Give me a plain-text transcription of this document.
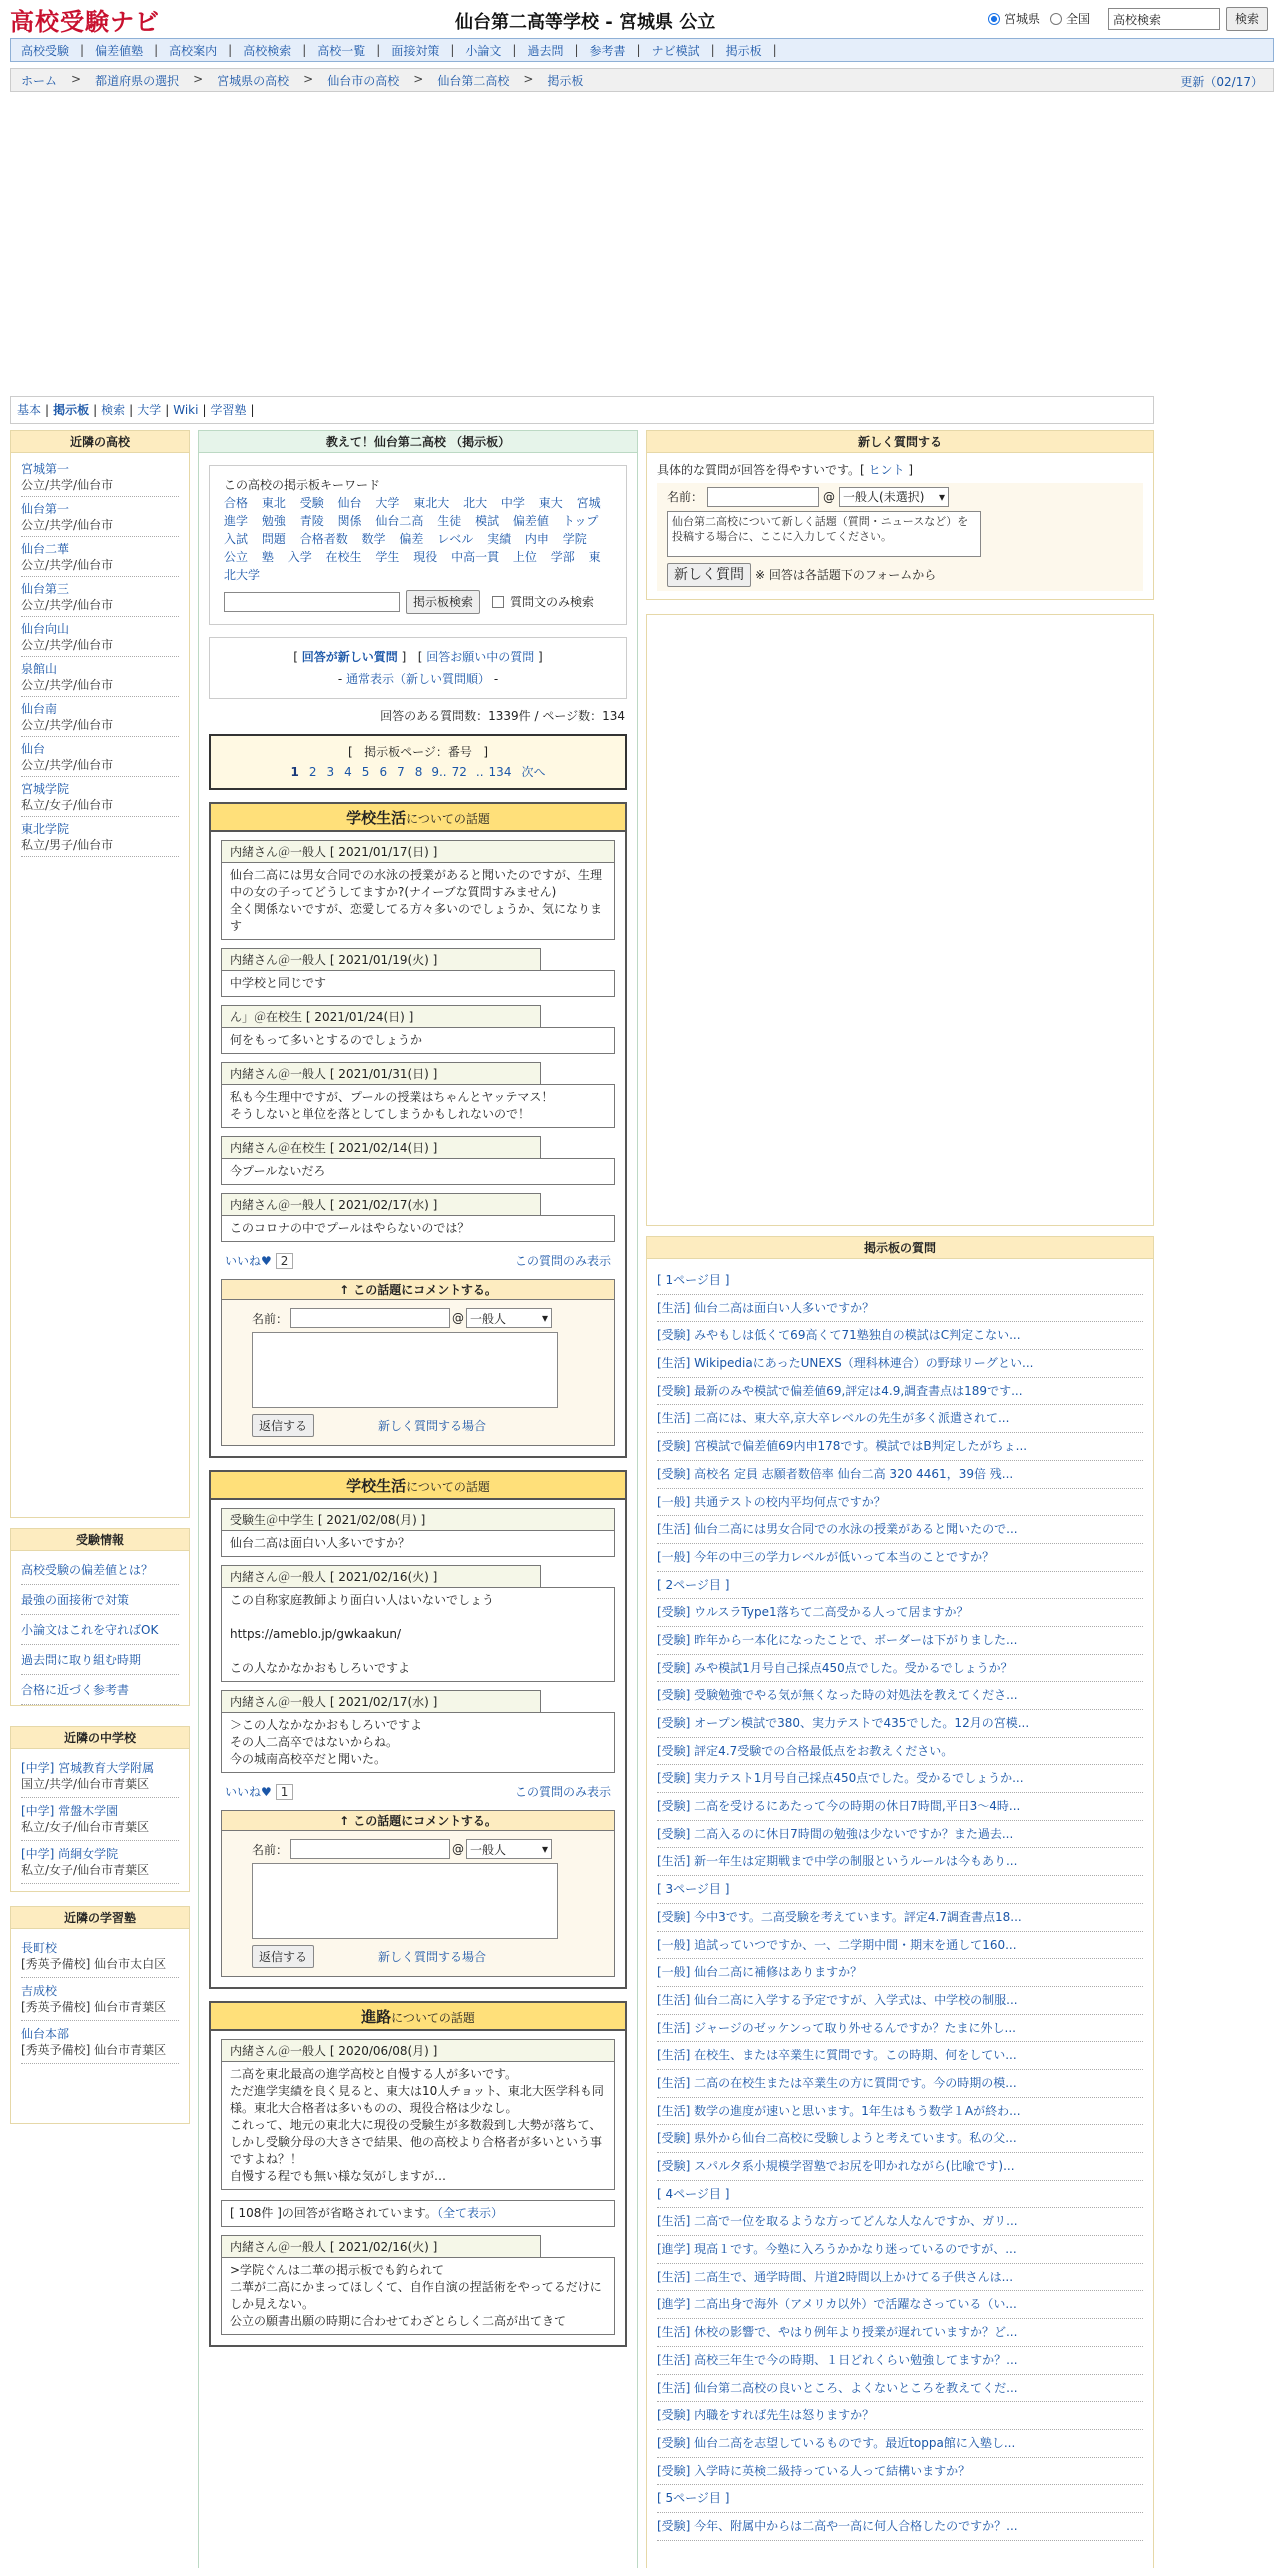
高校受験ナビ	仙台第二高等学校 - 宮城県 公立	宮城県 全国	高校検索	検索
高校受験 | 偏差値塾 | 高校案内 | 高校検索 | 高校一覧 | 面接対策 | 小論文 | 過去問 | 参考書 | ナビ模試 | 掲示板 |
ホーム > 都道府県の選択 > 宮城県の高校 > 仙台市の高校 > 仙台第二高校 > 掲示板	更新（02/17）
基本 | 掲示板 | 検索 | 大学 | Wiki | 学習塾 |
近隣の高校
宮城第一
公立/共学/仙台市
仙台第一
公立/共学/仙台市
仙台二華
公立/共学/仙台市
仙台第三
公立/共学/仙台市
仙台向山
公立/共学/仙台市
泉館山
公立/共学/仙台市
仙台南
公立/共学/仙台市
仙台
公立/共学/仙台市
宮城学院
私立/女子/仙台市
東北学院
私立/男子/仙台市
受験情報
高校受験の偏差値とは？
最強の面接術で対策
小論文はこれを守ればOK
過去問に取り組む時期
合格に近づく参考書
近隣の中学校
[中学] 宮城教育大学附属
国立/共学/仙台市青葉区
[中学] 常盤木学園
私立/女子/仙台市青葉区
[中学] 尚絅女学院
私立/女子/仙台市青葉区
近隣の学習塾
長町校
[秀英予備校] 仙台市太白区
吉成校
[秀英予備校] 仙台市青葉区
仙台本部
[秀英予備校] 仙台市青葉区
教えて！仙台第二高校 （掲示板）
この高校の掲示板キーワード
合格 東北 受験 仙台 大学 東北大 北大 中学 東大 宮城 進学 勉強 青陵 関係 仙台二高 生徒 模試 偏差値 トップ 入試 問題 合格者数 数学 偏差 レベル 実績 内申 学院 公立 塾 入学 在校生 学生 現役 中高一貫 上位 学部 東北大学
掲示板検索	質問文のみ検索
[ 回答が新しい質問 ]   [ 回答お願い中の質問 ]
- 通常表示（新しい質問順） -
回答のある質問数：1339件 / ページ数：134
[   掲示板ページ：番号   ]
1 2 3 4 5 6 7 8 9.. 72 .. 134 次へ
学校生活についての話題
内緒さん＠一般人 [ 2021/01/17(日) ]
仙台二高には男女合同での水泳の授業があると聞いたのですが、生理中の女の子ってどうしてますか?(ナイーブな質問すみません)
全く関係ないですが、恋愛してる方々多いのでしょうか、気になります
内緒さん＠一般人 [ 2021/01/19(火) ]
中学校と同じです
ん」＠在校生 [ 2021/01/24(日) ]
何をもって多いとするのでしょうか
内緒さん＠一般人 [ 2021/01/31(日) ]
私も今生理中ですが、プールの授業はちゃんとヤッテマス！
そうしないと単位を落としてしまうかもしれないので！
内緒さん＠在校生 [ 2021/02/14(日) ]
今プールないだろ
内緒さん＠一般人 [ 2021/02/17(水) ]
このコロナの中でプールはやらないのでは？
いいね♥ 2	この質問のみ表示
↑ この話題にコメントする。
名前：	@ 一般人	▾
返信する	新しく質問する場合
学校生活についての話題
受験生＠中学生 [ 2021/02/08(月) ]
仙台二高は面白い人多いですか？
内緒さん＠一般人 [ 2021/02/16(火) ]
この自称家庭教師より面白い人はいないでしょう

https://ameblo.jp/gwkaakun/

この人なかなかおもしろいですよ
内緒さん＠一般人 [ 2021/02/17(水) ]
＞この人なかなかおもしろいですよ
その人二高卒ではないからね。
今の城南高校卒だと聞いた。
いいね♥ 1	この質問のみ表示
↑ この話題にコメントする。
名前：	@ 一般人	▾
返信する	新しく質問する場合
進路についての話題
内緒さん＠一般人 [ 2020/06/08(月) ]
二高を東北最高の進学高校と自慢する人が多いです。
ただ進学実績を良く見ると、東大は10人チョット、東北大医学科も同様。東北大合格者は多いものの、現役合格は少なし。
これって、地元の東北大に現役の受験生が多数殺到し大勢が落ちて、しかし受験分母の大きさで結果、他の高校より合格者が多いという事ですよね？！
自慢する程でも無い様な気がしますが…
[ 108件 ]の回答が省略されています。（全て表示）
内緒さん＠一般人 [ 2021/02/16(火) ]
>学院ぐんは二華の掲示板でも釣られて
二華が二高にかまってほしくて、自作自演の捏話術をやってるだけにしか見えない。
公立の願書出願の時期に合わせてわざとらしく二高が出てきて
新しく質問する
具体的な質問が回答を得やすいです。[ ヒント ]
名前：	@ 一般人(未選択) ▾
仙台第二高校について新しく話題（質問・ニュースなど）を投稿する場合に、ここに入力してください。
新しく質問 ※ 回答は各話題下のフォームから
掲示板の質問
[ 1ページ目 ]
[生活] 仙台二高は面白い人多いですか？
[受験] みやもしは低くて69高くて71塾独自の模試はC判定こない...
[生活] WikipediaにあったUNEXS（理科林連合）の野球リーグとい...
[受験] 最新のみや模試で偏差値69,評定は4.9,調査書点は189です...
[生活] 二高には、東大卒,京大卒レベルの先生が多く派遣されて...
[受験] 宮模試で偏差値69内申178です。模試ではB判定したがちょ...
[受験] 高校名 定員 志願者数倍率 仙台二高 320 4461，39倍 残...
[一般] 共通テストの校内平均何点ですか？
[生活] 仙台二高には男女合同での水泳の授業があると聞いたので...
[一般] 今年の中三の学力レベルが低いって本当のことですか？
[ 2ページ目 ]
[受験] ウルスラType1落ちて二高受かる人って居ますか？
[受験] 昨年から一本化になったことで、ボーダーは下がりました...
[受験] みや模試1月号自己採点450点でした。受かるでしょうか？
[受験] 受験勉強でやる気が無くなった時の対処法を教えてくださ...
[受験] オープン模試で380、実力テストで435でした。12月の宮模...
[受験] 評定4.7受験での合格最低点をお教えください。
[受験] 実力テスト1月号自己採点450点でした。受かるでしょうか...
[受験] 二高を受けるにあたって今の時期の休日7時間,平日3～4時...
[受験] 二高入るのに休日7時間の勉強は少ないですか？また過去...
[生活] 新一年生は定期戦まで中学の制服というルールは今もあり...
[ 3ページ目 ]
[受験] 今中3です。二高受験を考えています。評定4.7調査書点18...
[一般] 追試っていつですか、一、二学期中間・期末を通して160...
[一般] 仙台二高に補修はありますか？
[生活] 仙台二高に入学する予定ですが、入学式は、中学校の制服...
[生活] ジャージのゼッケンって取り外せるんですか？たまに外し...
[生活] 在校生、または卒業生に質問です。この時期、何をしてい...
[生活] 二高の在校生または卒業生の方に質問です。今の時期の模...
[生活] 数学の進度が速いと思います。1年生はもう数学１Aが終わ...
[受験] 県外から仙台二高校に受験しようと考えています。私の父...
[受験] スパルタ系小規模学習塾でお尻を叩かれながら(比喩です)...
[ 4ページ目 ]
[生活] 二高で一位を取るような方ってどんな人なんですか、ガリ...
[進学] 現高１です。今塾に入ろうかかなり迷っているのですが、...
[生活] 二高生で、通学時間、片道2時間以上かけてる子供さんは...
[進学] 二高出身で海外（アメリカ以外）で活躍なさっている（い...
[生活] 休校の影響で、やはり例年より授業が遅れていますか？ど...
[生活] 高校三年生で今の時期、１日どれくらい勉強してますか？...
[生活] 仙台第二高校の良いところ、よくないところを教えてくだ...
[受験] 内職をすれば先生は怒りますか？
[受験] 仙台二高を志望しているものです。最近toppa館に入塾し...
[受験] 入学時に英検二級持っている人って結構いますか？
[ 5ページ目 ]
[受験] 今年、附属中からは二高や一高に何人合格したのですか？...
